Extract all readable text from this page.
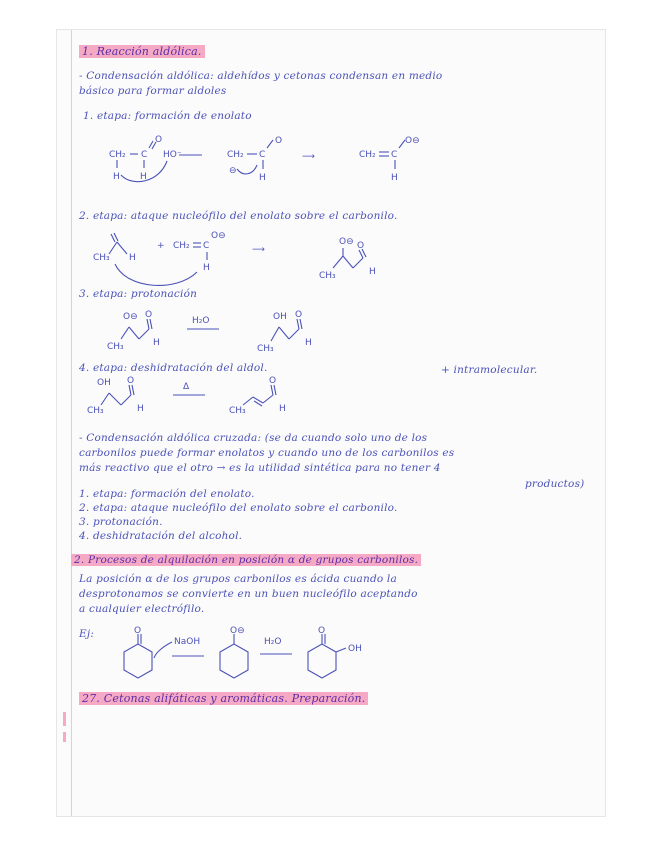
1. Reacción aldólica.
- Condensación aldólica: aldehídos y cetonas condensan en medio
básico para formar aldoles
1. etapa: formación de enolato
CH₂ C
O
H H
HO⁻	CH₂ C
O
⊖
H
⟶	CH₂ C
O⊖
H
2. etapa: ataque nucleófilo del enolato sobre el carbonilo.
CH₃ H
+ CH₂ C
O⊖
H
⟶
CH₃
O⊖ O
H
3. etapa: protonación
CH₃
O⊖ O
H
H₂O
CH₃
OH O
H
4. etapa: deshidratación del aldol.	+ intramolecular.
CH₃
OH O
H
Δ
CH₃
O
H
- Condensación aldólica cruzada: (se da cuando solo uno de los
carbonilos puede formar enolatos y cuando uno de los carbonilos es
más reactivo que el otro → es la utilidad sintética para no tener 4
productos)
1. etapa: formación del enolato.
2. etapa: ataque nucleófilo del enolato sobre el carbonilo.
3. protonación.
4. deshidratación del alcohol.
2. Procesos de alquilación en posición α de grupos carbonilos.
La posición α de los grupos carbonilos es ácida cuando la
desprotonamos se convierte en un buen nucleófilo aceptando
a cualquier electrófilo.
Ej:	O
NaOH
O⊖
H₂O
O
OH
27. Cetonas alifáticas y aromáticas. Preparación.
